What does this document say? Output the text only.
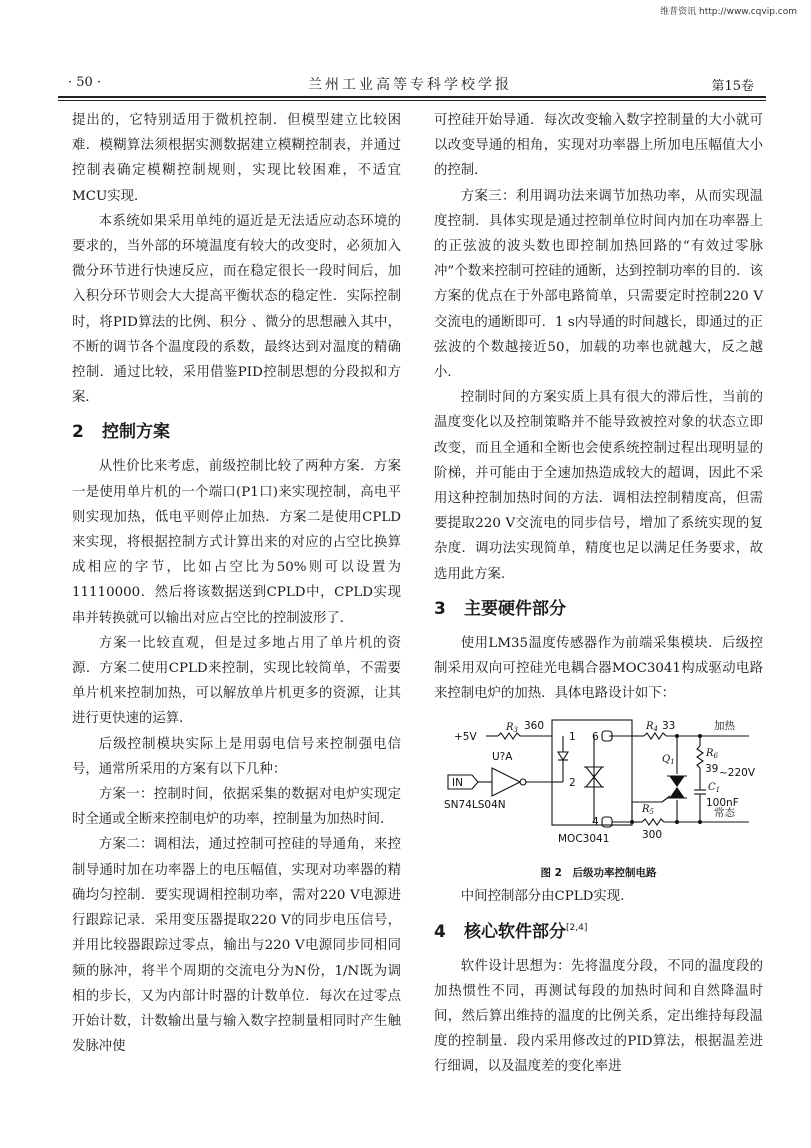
维普资讯 http://www.cqvip.com
· 50 ·	兰州工业高等专科学校学报	第15卷

提出的，它特别适用于微机控制．但模型建立比较困难．模糊算法须根据实测数据建立模糊控制表，并通过控制表确定模糊控制规则，实现比较困难，不适宜MCU实现．

本系统如果采用单纯的逼近是无法适应动态环境的要求的，当外部的环境温度有较大的改变时，必须加入微分环节进行快速反应，而在稳定很长一段时间后，加入积分环节则会大大提高平衡状态的稳定性．实际控制时，将PID算法的比例、积分 、微分的思想融入其中，不断的调节各个温度段的系数，最终达到对温度的精确控制．通过比较，采用借鉴PID控制思想的分段拟和方案．

2 控制方案

从性价比来考虑，前级控制比较了两种方案．方案一是使用单片机的一个端口(P1口)来实现控制，高电平则实现加热，低电平则停止加热．方案二是使用CPLD来实现，将根据控制方式计算出来的对应的占空比换算成相应的字节，比如占空比为50%则可以设置为11110000．然后将该数据送到CPLD中，CPLD实现串并转换就可以输出对应占空比的控制波形了．

方案一比较直观，但是过多地占用了单片机的资源．方案二使用CPLD来控制，实现比较简单，不需要单片机来控制加热，可以解放单片机更多的资源，让其进行更快速的运算．

后级控制模块实际上是用弱电信号来控制强电信号，通常所采用的方案有以下几种：

方案一：控制时间，依据采集的数据对电炉实现定时全通或全断来控制电炉的功率，控制量为加热时间．

方案二：调相法，通过控制可控硅的导通角，来控制导通时加在功率器上的电压幅值，实现对功率器的精确均匀控制．要实现调相控制功率，需对220 V电源进行跟踪记录．采用变压器提取220 V的同步电压信号，并用比较器跟踪过零点，输出与220 V电源同步同相同频的脉冲，将半个周期的交流电分为N份，1/N既为调相的步长，又为内部计时器的计数单位．每次在过零点开始计数，计数输出量与输入数字控制量相同时产生触发脉冲使

可控硅开始导通．每次改变输入数字控制量的大小就可以改变导通的相角，实现对功率器上所加电压幅值大小的控制．

方案三：利用调功法来调节加热功率，从而实现温度控制．具体实现是通过控制单位时间内加在功率器上的正弦波的波头数也即控制加热回路的“有效过零脉冲”个数来控制可控硅的通断，达到控制功率的目的．该方案的优点在于外部电路简单，只需要定时控制220 V交流电的通断即可．1 s内导通的时间越长，即通过的正弦波的个数越接近50，加载的功率也就越大，反之越小．

控制时间的方案实质上具有很大的滞后性，当前的温度变化以及控制策略并不能导致被控对象的状态立即改变，而且全通和全断也会使系统控制过程出现明显的阶梯，并可能由于全速加热造成较大的超调，因此不采用这种控制加热时间的方法．调相法控制精度高，但需要提取220 V交流电的同步信号，增加了系统实现的复杂度．调功法实现简单，精度也足以满足任务要求，故选用此方案．

3 主要硬件部分

使用LM35温度传感器作为前端采集模块．后级控制采用双向可控硅光电耦合器MOC3041构成驱动电路来控制电炉的加热．具体电路设计如下：

+5V
$R_3$ 360
1
2
4
6
U?A
IN
SN74LS04N
$R_4$ 33	加热
$Q_1$
$R_6$
39 ~220V
$C_1$
100nF
$R_5$
300
常态
MOC3041
图 2　后级功率控制电路

中间控制部分由CPLD实现．

4 核心软件部分[2,4]

软件设计思想为：先将温度分段，不同的温度段的加热惯性不同，再测试每段的加热时间和自然降温时间，然后算出维持的温度的比例关系，定出维持每段温度的控制量．段内采用修改过的PID算法，根据温差进行细调，以及温度差的变化率进
